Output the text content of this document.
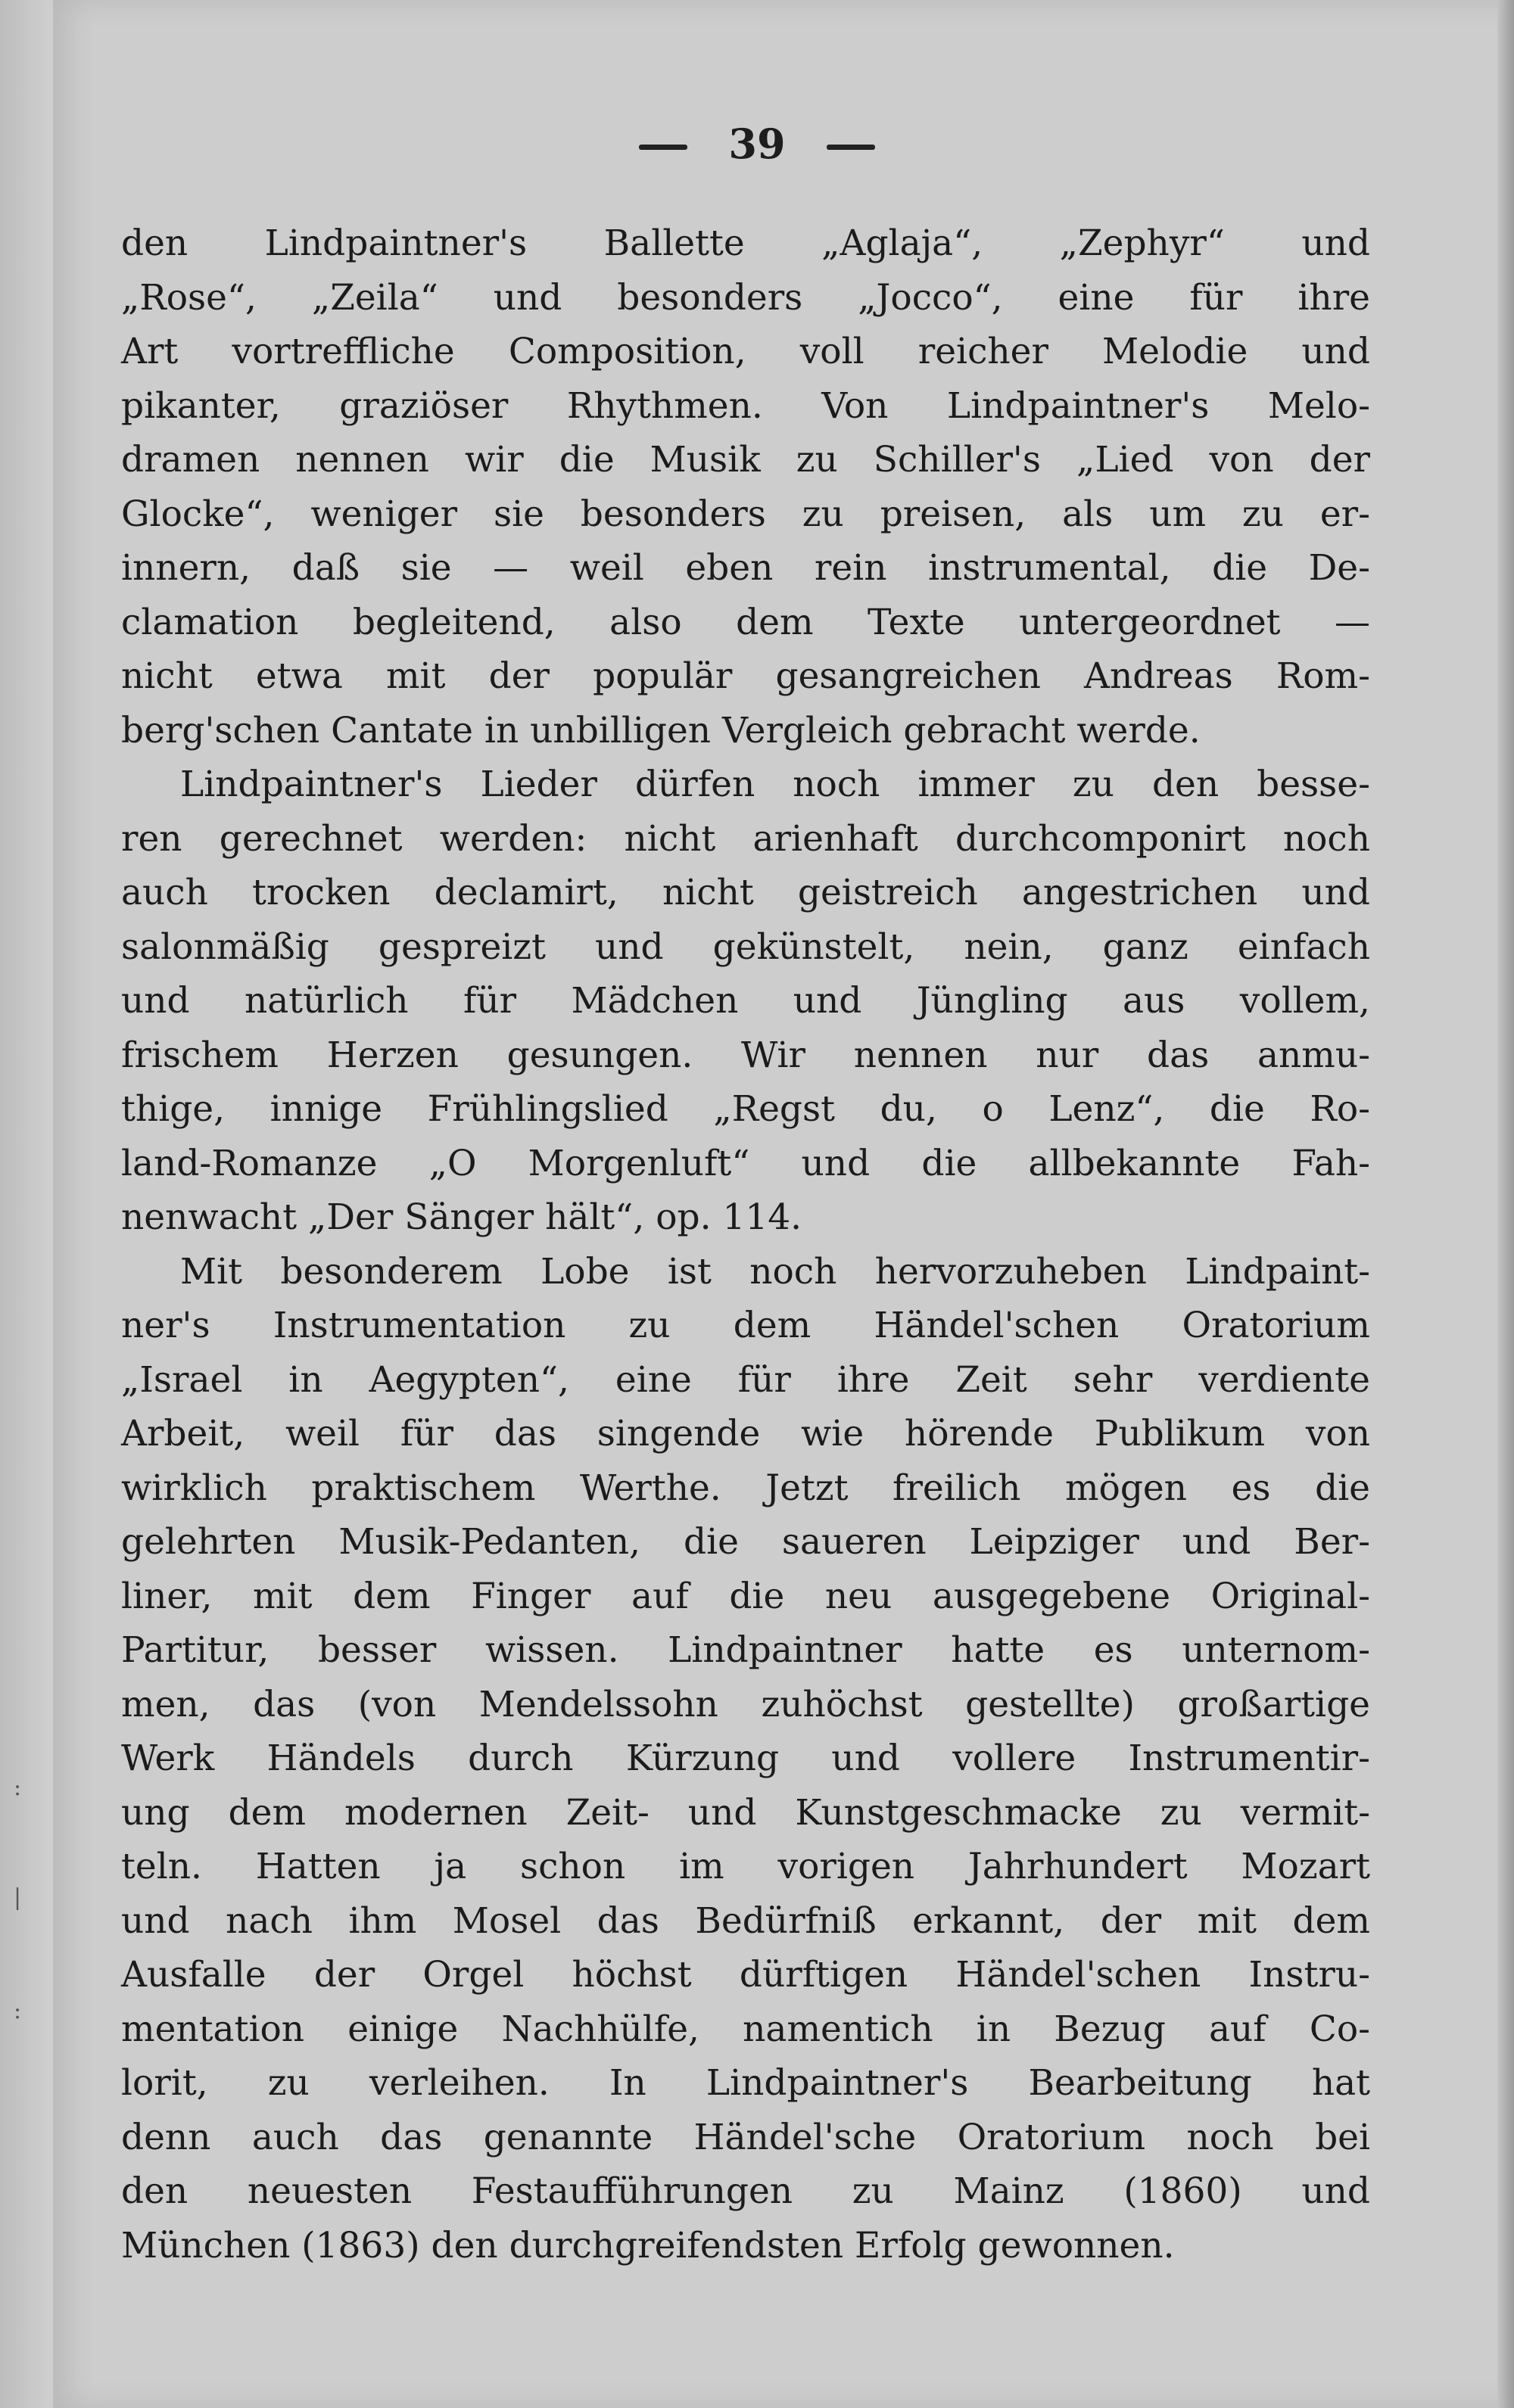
:
|
:
39
den Lindpaintner's Ballette „Aglaja“, „Zephyr“ und
„Rose“, „Zeila“ und besonders „Jocco“, eine für ihre
Art vortreffliche Composition, voll reicher Melodie und
pikanter, graziöser Rhythmen. Von Lindpaintner's Melo-
dramen nennen wir die Musik zu Schiller's „Lied von der
Glocke“, weniger sie besonders zu preisen, als um zu er-
innern, daß sie — weil eben rein instrumental, die De-
clamation begleitend, also dem Texte untergeordnet —
nicht etwa mit der populär gesangreichen Andreas Rom-
berg'schen Cantate in unbilligen Vergleich gebracht werde.
Lindpaintner's Lieder dürfen noch immer zu den besse-
ren gerechnet werden: nicht arienhaft durchcomponirt noch
auch trocken declamirt, nicht geistreich angestrichen und
salonmäßig gespreizt und gekünstelt, nein, ganz einfach
und natürlich für Mädchen und Jüngling aus vollem,
frischem Herzen gesungen. Wir nennen nur das anmu-
thige, innige Frühlingslied „Regst du, o Lenz“, die Ro-
land-Romanze „O Morgenluft“ und die allbekannte Fah-
nenwacht „Der Sänger hält“, op. 114.
Mit besonderem Lobe ist noch hervorzuheben Lindpaint-
ner's Instrumentation zu dem Händel'schen Oratorium
„Israel in Aegypten“, eine für ihre Zeit sehr verdiente
Arbeit, weil für das singende wie hörende Publikum von
wirklich praktischem Werthe. Jetzt freilich mögen es die
gelehrten Musik-Pedanten, die saueren Leipziger und Ber-
liner, mit dem Finger auf die neu ausgegebene Original-
Partitur, besser wissen. Lindpaintner hatte es unternom-
men, das (von Mendelssohn zuhöchst gestellte) großartige
Werk Händels durch Kürzung und vollere Instrumentir-
ung dem modernen Zeit- und Kunstgeschmacke zu vermit-
teln. Hatten ja schon im vorigen Jahrhundert Mozart
und nach ihm Mosel das Bedürfniß erkannt, der mit dem
Ausfalle der Orgel höchst dürftigen Händel'schen Instru-
mentation einige Nachhülfe, namentich in Bezug auf Co-
lorit, zu verleihen. In Lindpaintner's Bearbeitung hat
denn auch das genannte Händel'sche Oratorium noch bei
den neuesten Festaufführungen zu Mainz (1860) und
München (1863) den durchgreifendsten Erfolg gewonnen.
